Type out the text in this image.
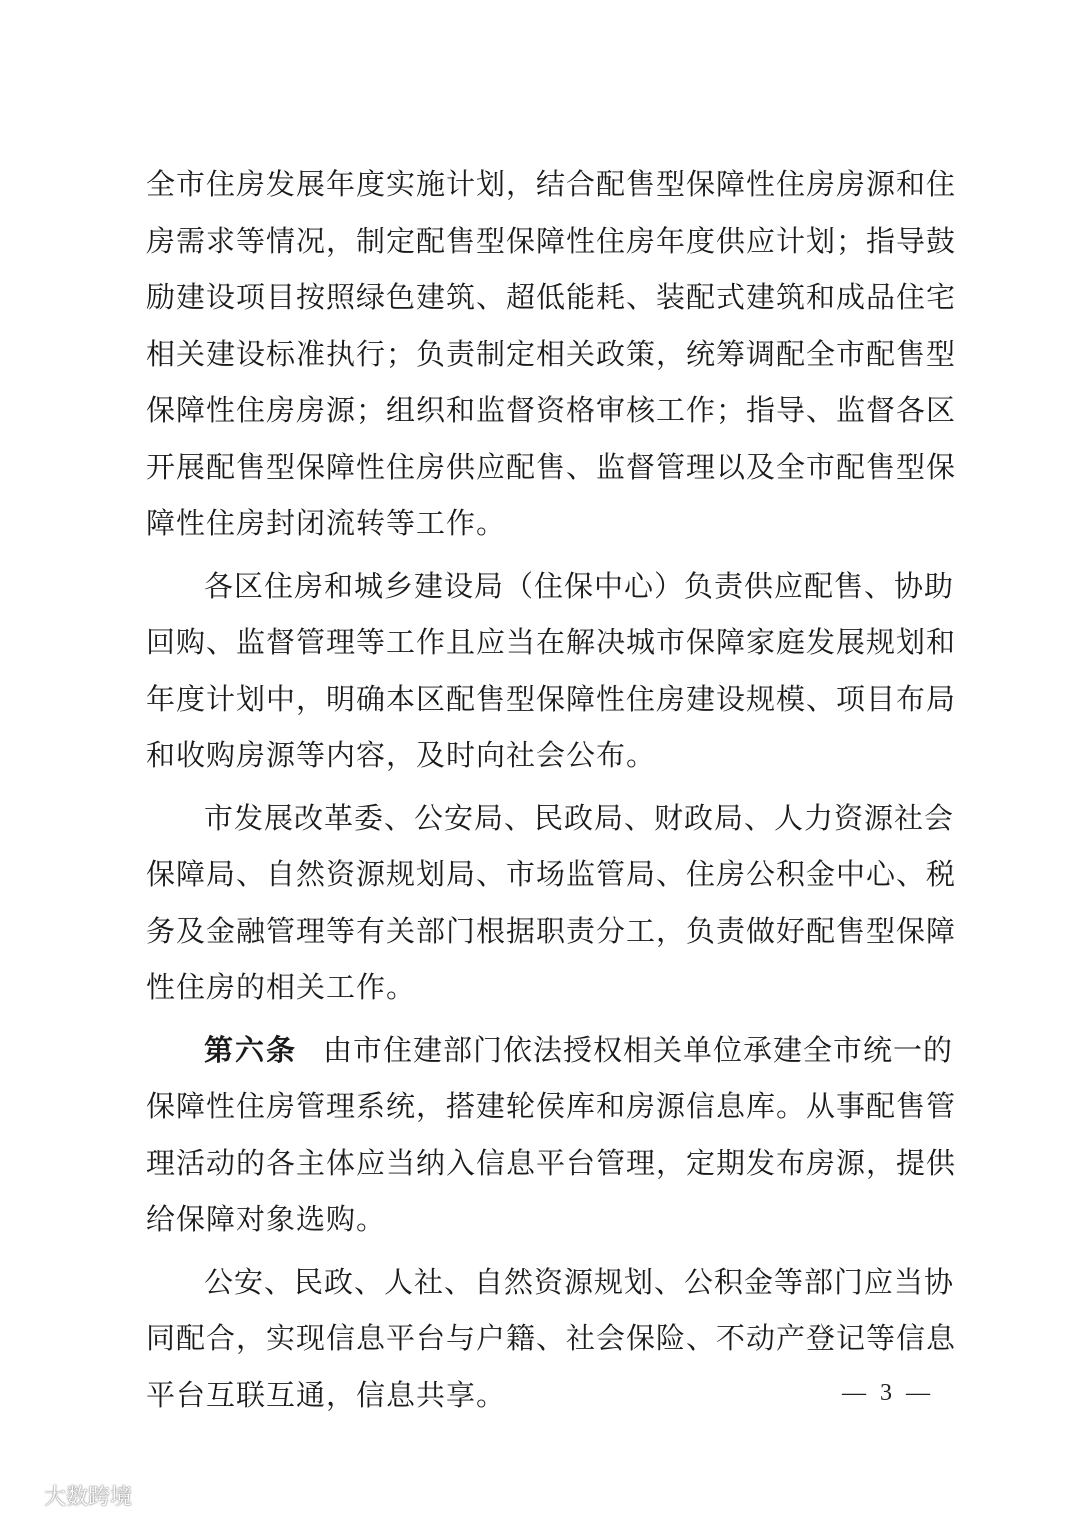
全市住房发展年度实施计划，结合配售型保障性住房房源和住
房需求等情况，制定配售型保障性住房年度供应计划；指导鼓
励建设项目按照绿色建筑、超低能耗、装配式建筑和成品住宅
相关建设标准执行；负责制定相关政策，统筹调配全市配售型
保障性住房房源；组织和监督资格审核工作；指导、监督各区
开展配售型保障性住房供应配售、监督管理以及全市配售型保
障性住房封闭流转等工作。
各区住房和城乡建设局（住保中心）负责供应配售、协助
回购、监督管理等工作且应当在解决城市保障家庭发展规划和
年度计划中，明确本区配售型保障性住房建设规模、项目布局
和收购房源等内容，及时向社会公布。
市发展改革委、公安局、民政局、财政局、人力资源社会
保障局、自然资源规划局、市场监管局、住房公积金中心、税
务及金融管理等有关部门根据职责分工，负责做好配售型保障
性住房的相关工作。
第六条 由市住建部门依法授权相关单位承建全市统一的
保障性住房管理系统，搭建轮侯库和房源信息库。从事配售管
理活动的各主体应当纳入信息平台管理，定期发布房源，提供
给保障对象选购。
公安、民政、人社、自然资源规划、公积金等部门应当协
同配合，实现信息平台与户籍、社会保险、不动产登记等信息
平台互联互通，信息共享。	— 3 —
大数跨境
